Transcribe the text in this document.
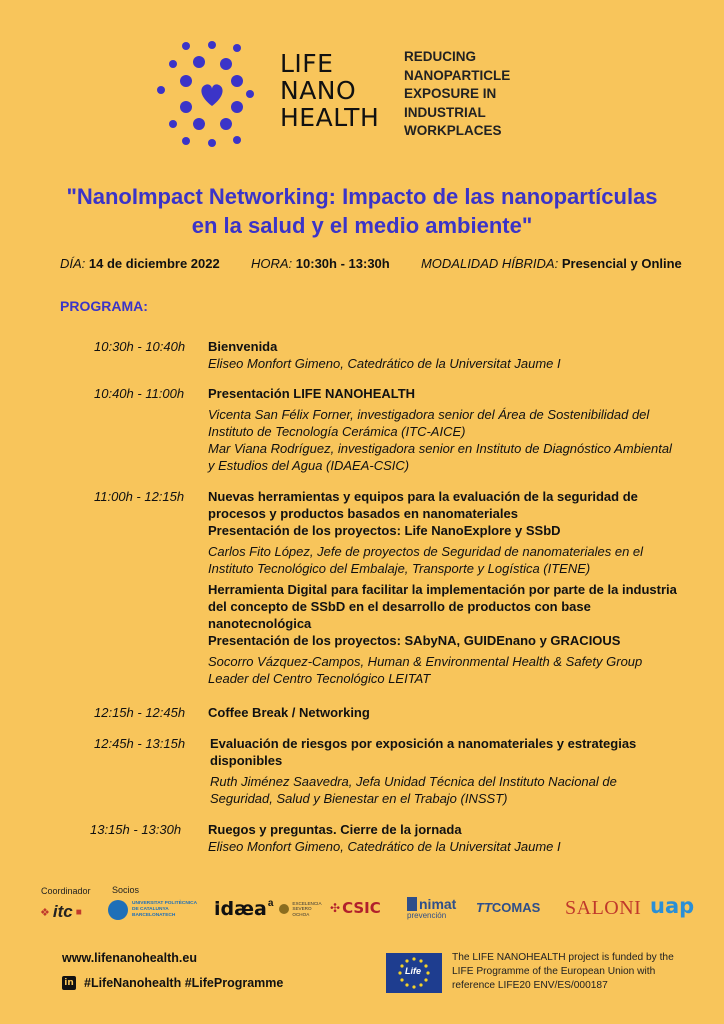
LIFE
NANO
HEALTH
REDUCING
NANOPARTICLE
EXPOSURE IN
INDUSTRIAL
WORKPLACES
"NanoImpact Networking: Impacto de las nanopartículas
en la salud y el medio ambiente"
DÍA: 14 de diciembre 2022 HORA: 10:30h - 13:30h MODALIDAD HÍBRIDA: Presencial y Online
PROGRAMA:
10:30h - 10:40h Bienvenida
Eliseo Monfort Gimeno, Catedrático de la Universitat Jaume I
10:40h - 11:00h Presentación LIFE NANOHEALTH
Vicenta San Félix Forner, investigadora senior del Área de Sostenibilidad del Instituto de Tecnología Cerámica (ITC-AICE)
Mar Viana Rodríguez, investigadora senior en Instituto de Diagnóstico Ambiental y Estudios del Agua (IDAEA-CSIC)
11:00h - 12:15h Nuevas herramientas y equipos para la evaluación de la seguridad de procesos y productos basados en nanomateriales
Presentación de los proyectos: Life NanoExplore y SSbD
Carlos Fito López, Jefe de proyectos de Seguridad de nanomateriales en el Instituto Tecnológico del Embalaje, Transporte y Logística (ITENE)
Herramienta Digital para facilitar la implementación por parte de la industria del concepto de SSbD en el desarrollo de productos con base nanotecnológica
Presentación de los proyectos: SAbyNA, GUIDEnano y GRACIOUS
Socorro Vázquez-Campos, Human & Environmental Health & Safety Group Leader del Centro Tecnológico LEITAT
12:15h - 12:45h Coffee Break / Networking
12:45h - 13:15h Evaluación de riesgos por exposición a nanomateriales y estrategias disponibles
Ruth Jiménez Saavedra, Jefa Unidad Técnica del Instituto Nacional de Seguridad, Salud y Bienestar en el Trabajo (INSST)
13:15h - 13:30h Ruegos y preguntas. Cierre de la jornada
Eliseo Monfort Gimeno, Catedrático de la Universitat Jaume I
Coordinador Socios
❖ itc ■
UNIVERSITAT POLITÈCNICA
DE CATALUNYA
BARCELONATECH	idæa a	EXCELENCIA
SEVERO
OCHOA	✣ CSIC	nimat
prevención
TT COMAS SALONI uap
www.lifenanohealth.eu
in #LifeNanohealth #LifeProgramme
Life
The LIFE NANOHEALTH project is funded by the LIFE Programme of the European Union with reference LIFE20 ENV/ES/000187
